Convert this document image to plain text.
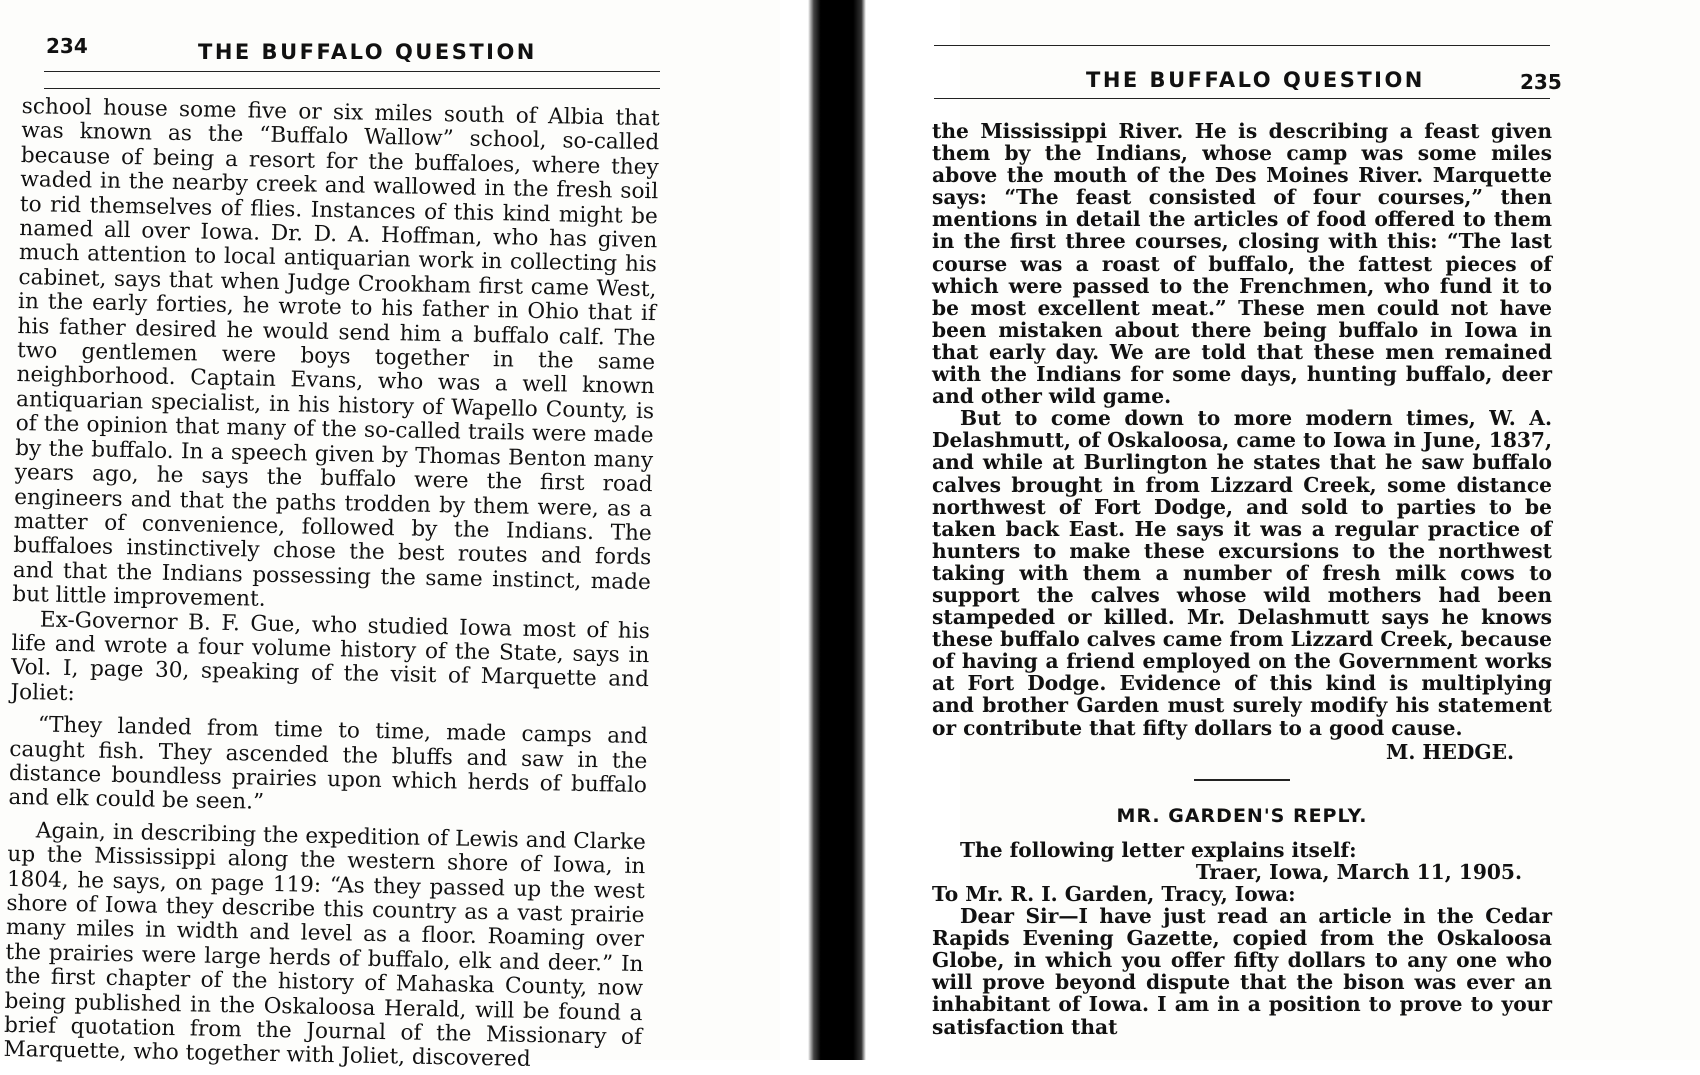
234	THE BUFFALO QUESTION

school house some five or six miles south of Albia that was known as the “Buffalo Wallow” school, so-called because of being a resort for the buffaloes, where they waded in the nearby creek and wallowed in the fresh soil to rid themselves of flies. Instances of this kind might be named all over Iowa. Dr. D. A. Hoffman, who has given much attention to local antiquarian work in collecting his cabinet, says that when Judge Crookham first came West, in the early forties, he wrote to his father in Ohio that if his father desired he would send him a buffalo calf. The two gentlemen were boys together in the same neighborhood. Captain Evans, who was a well known antiquarian specialist, in his history of Wapello County, is of the opinion that many of the so-called trails were made by the buffalo. In a speech given by Thomas Benton many years ago, he says the buffalo were the first road engineers and that the paths trodden by them were, as a matter of convenience, followed by the Indians. The buffaloes instinctively chose the best routes and fords and that the Indians possessing the same instinct, made but little improvement.

Ex-Governor B. F. Gue, who studied Iowa most of his life and wrote a four volume history of the State, says in Vol. I, page 30, speaking of the visit of Marquette and Joliet:

“They landed from time to time, made camps and caught fish. They ascended the bluffs and saw in the distance boundless prairies upon which herds of buffalo and elk could be seen.”

Again, in describing the expedition of Lewis and Clarke up the Mississippi along the western shore of Iowa, in 1804, he says, on page 119: “As they passed up the west shore of Iowa they describe this country as a vast prairie many miles in width and level as a floor. Roaming over the prairies were large herds of buffalo, elk and deer.” In the first chapter of the history of Mahaska County, now being published in the Oskaloosa Herald, will be found a brief quotation from the Journal of the Missionary of Marquette, who together with Joliet, discovered

THE BUFFALO QUESTION	235

the Mississippi River. He is describing a feast given them by the Indians, whose camp was some miles above the mouth of the Des Moines River. Marquette says: “The feast consisted of four courses,” then mentions in detail the articles of food offered to them in the first three courses, closing with this: “The last course was a roast of buffalo, the fattest pieces of which were passed to the Frenchmen, who fund it to be most excellent meat.” These men could not have been mistaken about there being buffalo in Iowa in that early day. We are told that these men remained with the Indians for some days, hunting buffalo, deer and other wild game.

But to come down to more modern times, W. A. Delashmutt, of Oskaloosa, came to Iowa in June, 1837, and while at Burlington he states that he saw buffalo calves brought in from Lizzard Creek, some distance northwest of Fort Dodge, and sold to parties to be taken back East. He says it was a regular practice of hunters to make these excursions to the northwest taking with them a number of fresh milk cows to support the calves whose wild mothers had been stampeded or killed. Mr. Delashmutt says he knows these buffalo calves came from Lizzard Creek, because of having a friend employed on the Government works at Fort Dodge. Evidence of this kind is multiplying and brother Garden must surely modify his statement or contribute that fifty dollars to a good cause.

M. HEDGE.

MR. GARDEN'S REPLY.

The following letter explains itself:

Traer, Iowa, March 11, 1905.

To Mr. R. I. Garden, Tracy, Iowa:

Dear Sir—I have just read an article in the Cedar Rapids Evening Gazette, copied from the Oskaloosa Globe, in which you offer fifty dollars to any one who will prove beyond dispute that the bison was ever an inhabitant of Iowa. I am in a position to prove to your satisfaction that
